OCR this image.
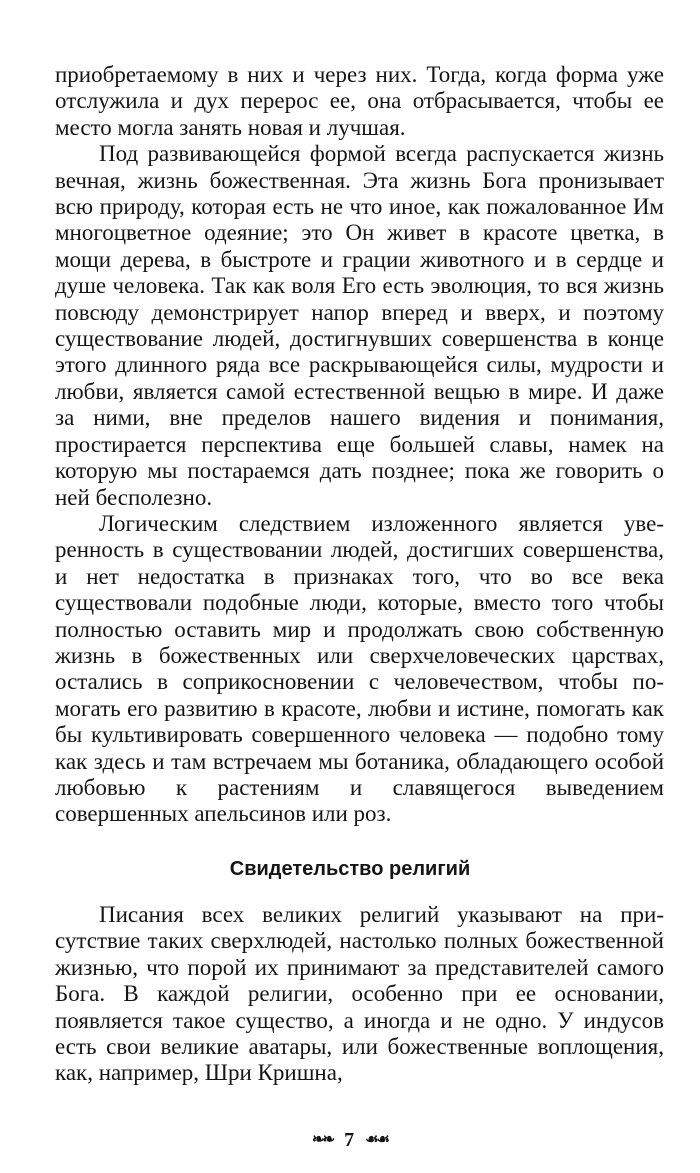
приобретаемому в них и через них. Тогда, когда форма уже отслужила и дух перерос ее, она отбрасывается, чтобы ее место могла занять новая и лучшая.

Под развивающейся формой всегда распускается жизнь вечная, жизнь божественная. Эта жизнь Бога пронизывает всю природу, которая есть не что иное, как пожалованное Им многоцветное одеяние; это Он живет в красоте цветка, в мощи дерева, в быстроте и грации животного и в сердце и душе человека. Так как воля Его есть эволюция, то вся жизнь повсюду демонстрирует напор вперед и вверх, и поэтому существование людей, достигнувших совершенства в конце этого длинного ряда все раскрывающейся силы, мудрости и любви, является самой естественной вещью в мире. И даже за ними, вне пределов нашего видения и понимания, простирается перспектива еще большей славы, намек на которую мы постараемся дать позднее; пока же говорить о ней бесполезно.

Логическим следствием изложенного является уверенность в существовании людей, достигших совершенства, и нет недостатка в признаках того, что во все века существовали подобные люди, которые, вместо того чтобы полностью оставить мир и продолжать свою собственную жизнь в божественных или сверхчеловеческих царствах, остались в соприкосновении с человечеством, чтобы помогать его развитию в красоте, любви и истине, помогать как бы культивировать совершенного человека — подобно тому как здесь и там встречаем мы ботаника, обладающего особой любовью к растениям и славящегося выведением совершенных апельсинов или роз.

Свидетельство религий

Писания всех великих религий указывают на присутствие таких сверхлюдей, настолько полных божественной жизнью, что порой их принимают за представителей самого Бога. В каждой религии, особенно при ее основании, появляется такое существо, а иногда и не одно. У индусов есть свои великие аватары, или божественные воплощения, как, например, Шри Кришна,

❧❧ 7 ☙☙
